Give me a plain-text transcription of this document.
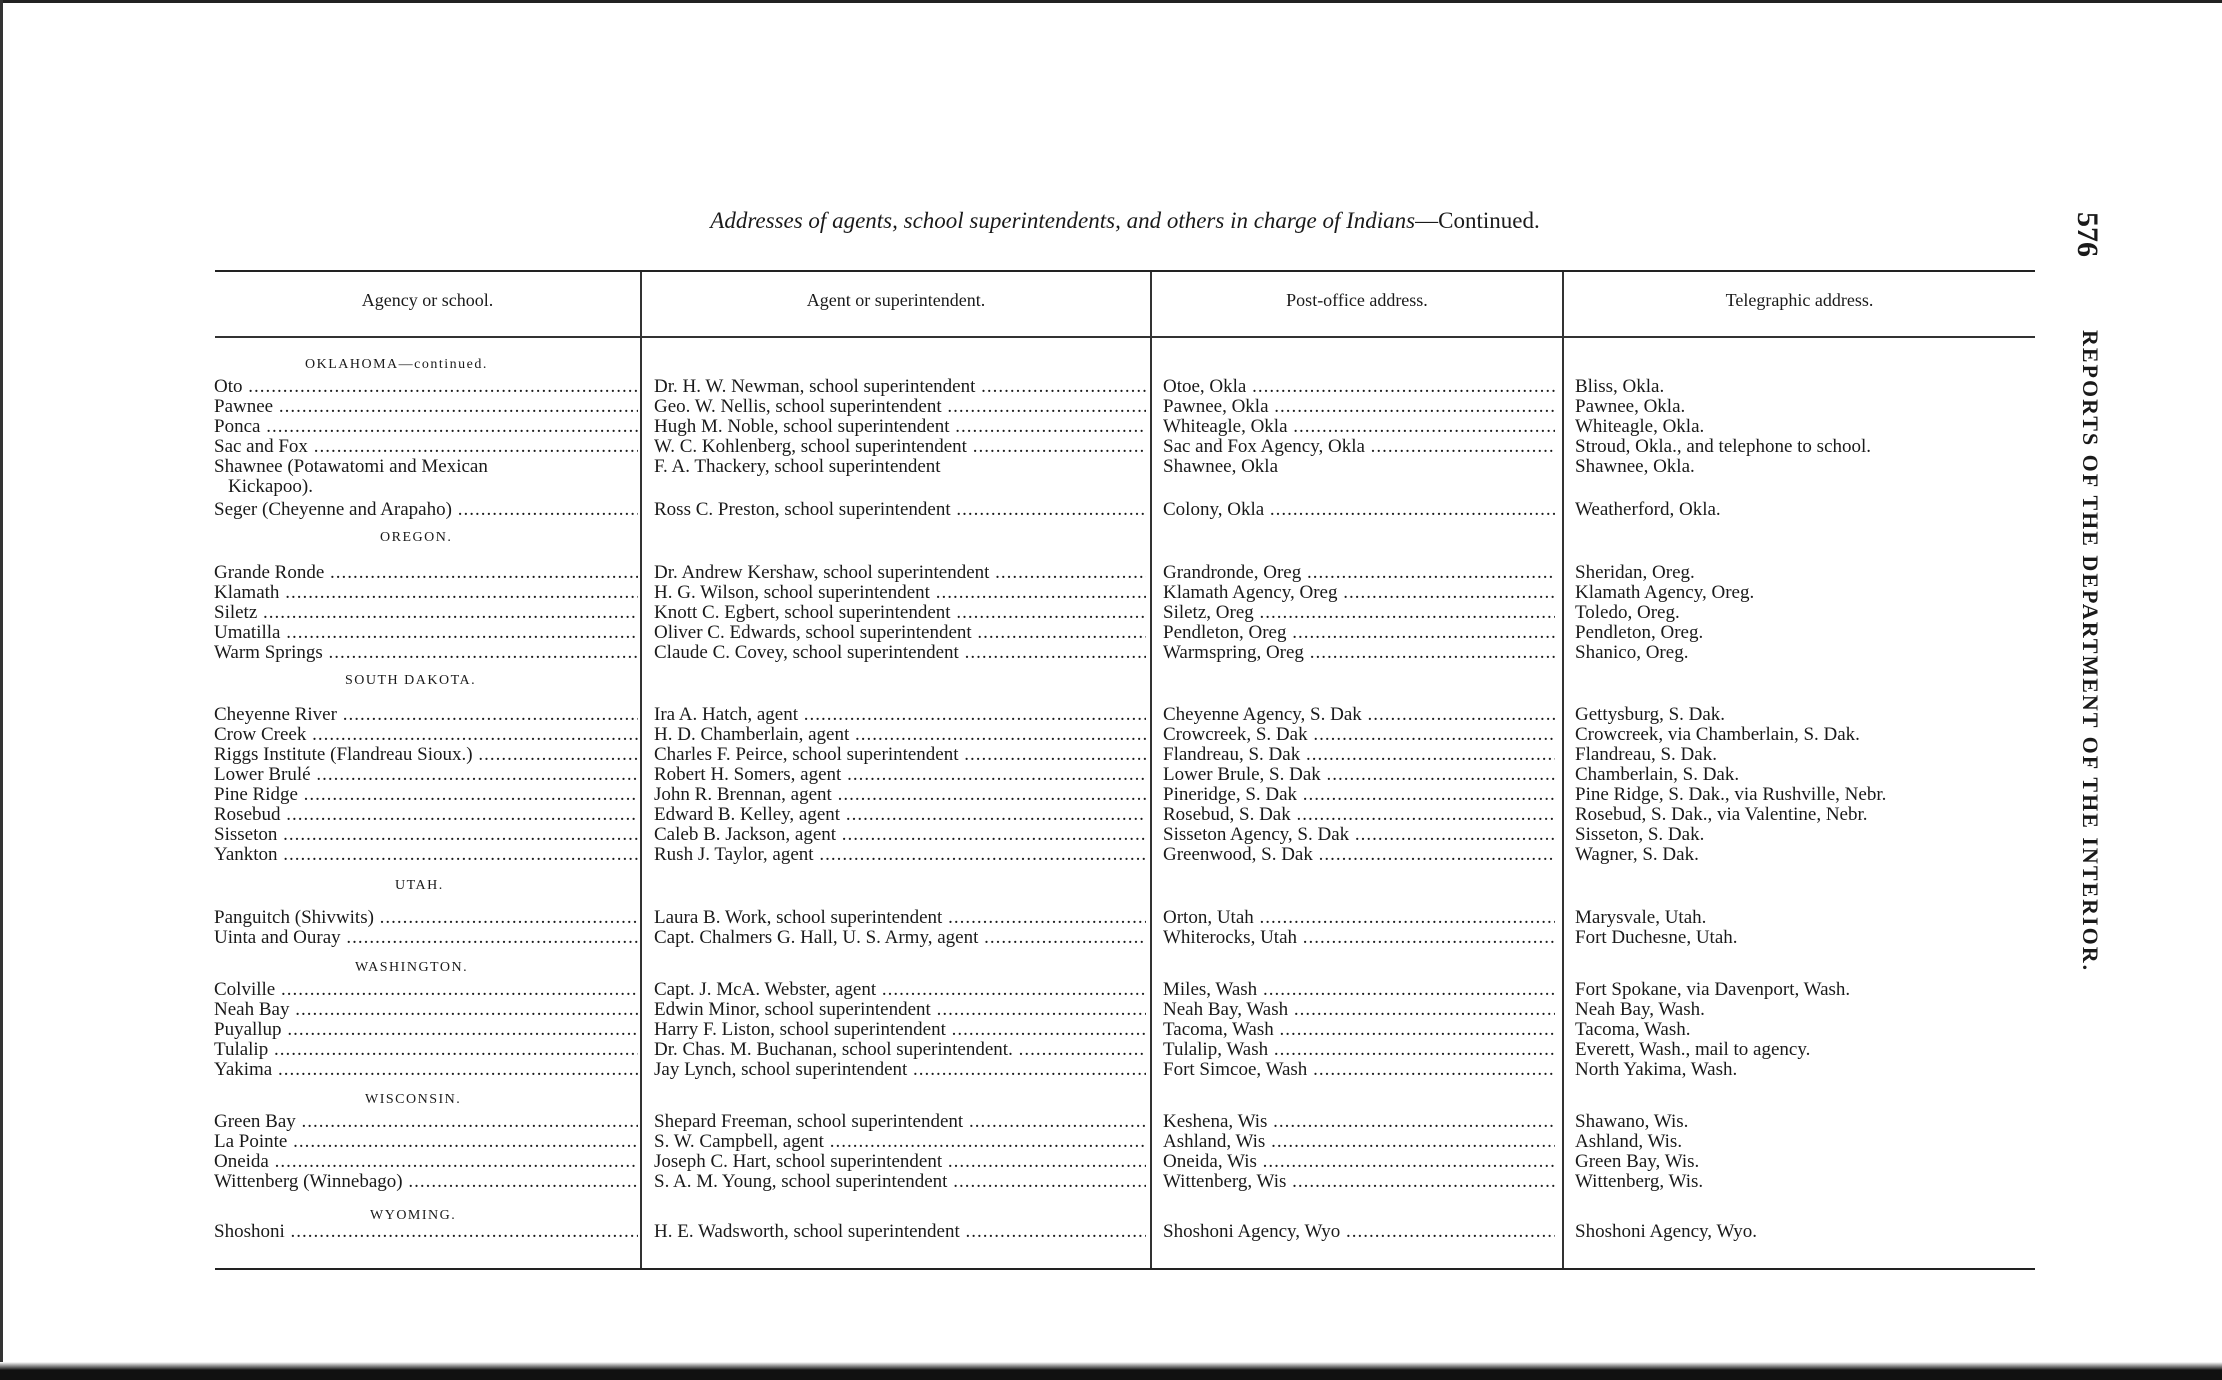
Addresses of agents, school superintendents, and others in charge of Indians—Continued.	576
REPORTS OF THE DEPARTMENT OF THE INTERIOR.
Agency or school.	Agent or superintendent.	Post-office address.	Telegraphic address.
OKLAHOMA—continued.
OREGON.
SOUTH DAKOTA.
UTAH.
WASHINGTON.
WISCONSIN.
WYOMING.
Oto .....	Dr. H. W. Newman, school superintendent .....	Otoe, Okla .....	Bliss, Okla.
Pawnee .....	Geo. W. Nellis, school superintendent .....	Pawnee, Okla .....	Pawnee, Okla.
Ponca .....	Hugh M. Noble, school superintendent .....	Whiteagle, Okla .....	Whiteagle, Okla.
Sac and Fox .....	W. C. Kohlenberg, school superintendent .....	Sac and Fox Agency, Okla .....	Stroud, Okla., and telephone to school.
Shawnee (Potawatomi and Mexican	F. A. Thackery, school superintendent	Shawnee, Okla	Shawnee, Okla.
Kickapoo).
Seger (Cheyenne and Arapaho) .....	Ross C. Preston, school superintendent .....	Colony, Okla .....	Weatherford, Okla.
Grande Ronde .....	Dr. Andrew Kershaw, school superintendent .....	Grandronde, Oreg .....	Sheridan, Oreg.
Klamath .....	H. G. Wilson, school superintendent .....	Klamath Agency, Oreg .....	Klamath Agency, Oreg.
Siletz .....	Knott C. Egbert, school superintendent .....	Siletz, Oreg .....	Toledo, Oreg.
Umatilla .....	Oliver C. Edwards, school superintendent .....	Pendleton, Oreg .....	Pendleton, Oreg.
Warm Springs .....	Claude C. Covey, school superintendent .....	Warmspring, Oreg .....	Shanico, Oreg.
Cheyenne River .....	Ira A. Hatch, agent .....	Cheyenne Agency, S. Dak .....	Gettysburg, S. Dak.
Crow Creek .....	H. D. Chamberlain, agent .....	Crowcreek, S. Dak .....	Crowcreek, via Chamberlain, S. Dak.
Riggs Institute (Flandreau Sioux.) .....	Charles F. Peirce, school superintendent .....	Flandreau, S. Dak .....	Flandreau, S. Dak.
Lower Brulé .....	Robert H. Somers, agent .....	Lower Brule, S. Dak .....	Chamberlain, S. Dak.
Pine Ridge .....	John R. Brennan, agent .....	Pineridge, S. Dak .....	Pine Ridge, S. Dak., via Rushville, Nebr.
Rosebud .....	Edward B. Kelley, agent .....	Rosebud, S. Dak .....	Rosebud, S. Dak., via Valentine, Nebr.
Sisseton .....	Caleb B. Jackson, agent .....	Sisseton Agency, S. Dak .....	Sisseton, S. Dak.
Yankton .....	Rush J. Taylor, agent .....	Greenwood, S. Dak .....	Wagner, S. Dak.
Panguitch (Shivwits) .....	Laura B. Work, school superintendent .....	Orton, Utah .....	Marysvale, Utah.
Uinta and Ouray .....	Capt. Chalmers G. Hall, U. S. Army, agent .....	Whiterocks, Utah .....	Fort Duchesne, Utah.
Colville .....	Capt. J. McA. Webster, agent .....	Miles, Wash .....	Fort Spokane, via Davenport, Wash.
Neah Bay .....	Edwin Minor, school superintendent .....	Neah Bay, Wash .....	Neah Bay, Wash.
Puyallup .....	Harry F. Liston, school superintendent .....	Tacoma, Wash .....	Tacoma, Wash.
Tulalip .....	Dr. Chas. M. Buchanan, school superintendent. .....	Tulalip, Wash .....	Everett, Wash., mail to agency.
Yakima .....	Jay Lynch, school superintendent .....	Fort Simcoe, Wash .....	North Yakima, Wash.
Green Bay .....	Shepard Freeman, school superintendent .....	Keshena, Wis .....	Shawano, Wis.
La Pointe .....	S. W. Campbell, agent .....	Ashland, Wis .....	Ashland, Wis.
Oneida .....	Joseph C. Hart, school superintendent .....	Oneida, Wis .....	Green Bay, Wis.
Wittenberg (Winnebago) .....	S. A. M. Young, school superintendent .....	Wittenberg, Wis .....	Wittenberg, Wis.
Shoshoni .....	H. E. Wadsworth, school superintendent .....	Shoshoni Agency, Wyo .....	Shoshoni Agency, Wyo.
